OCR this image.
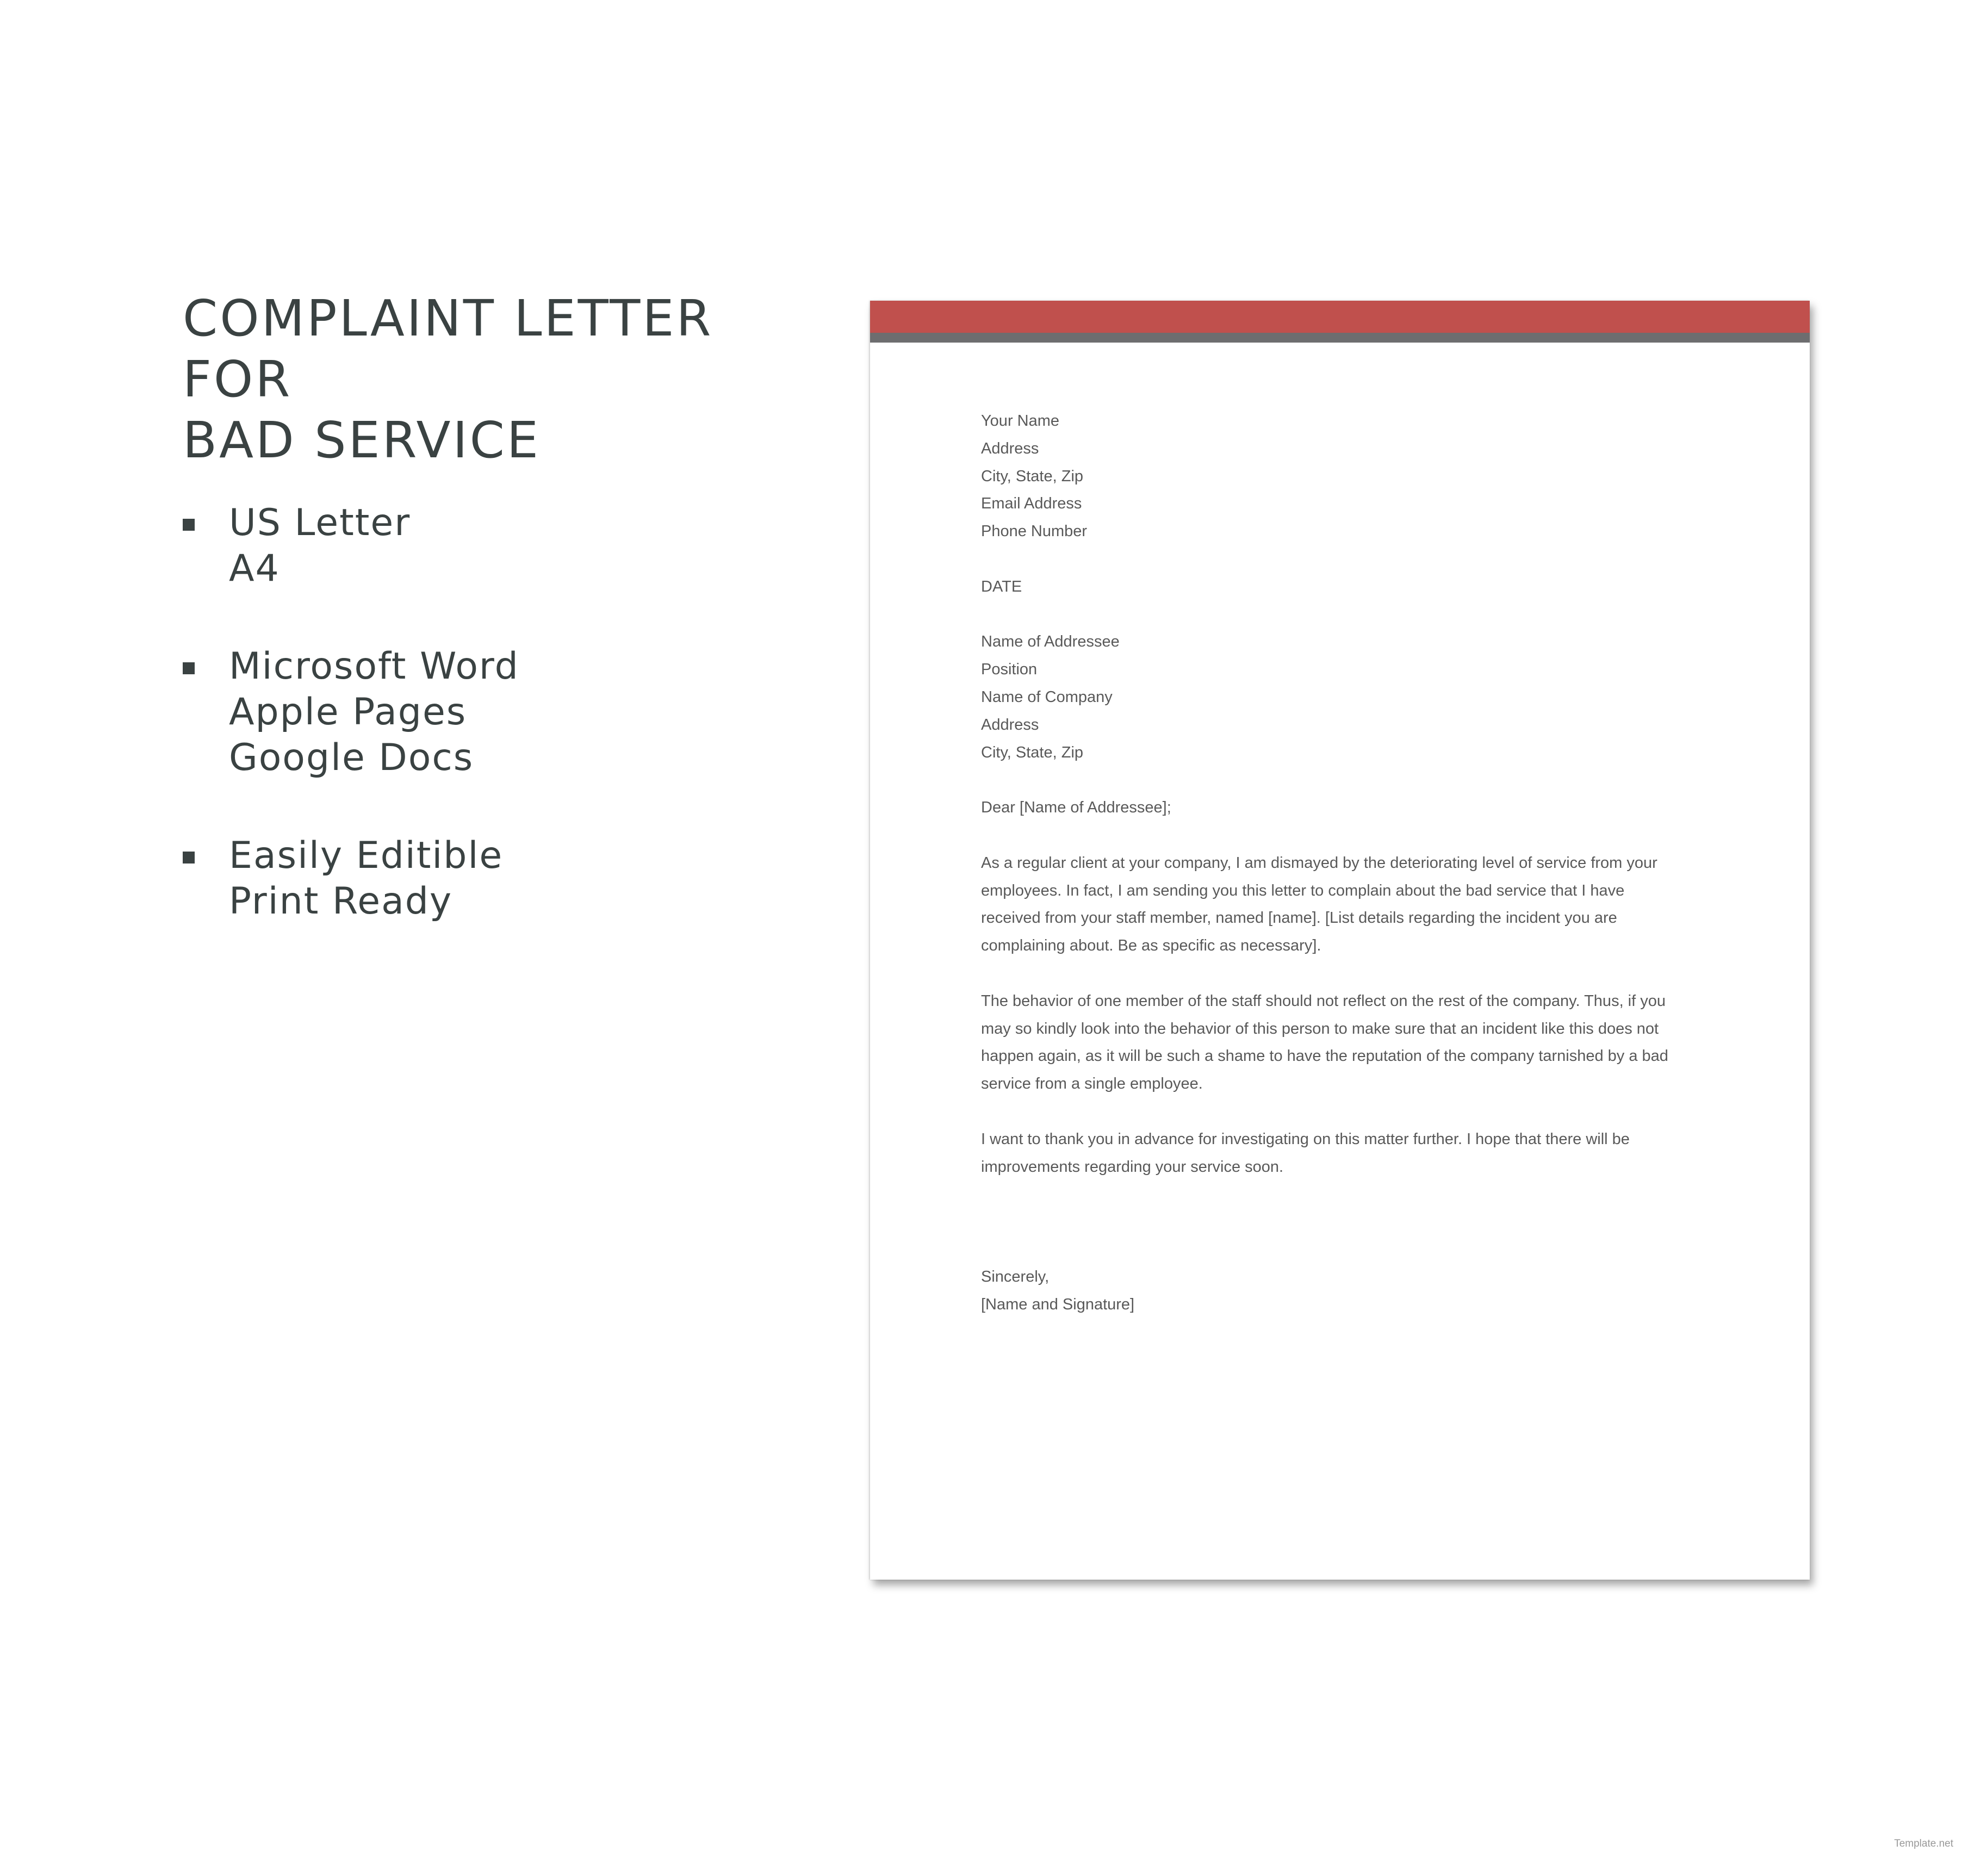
COMPLAINT LETTER FOR
BAD SERVICE
US Letter
A4
Microsoft Word
Apple Pages
Google Docs
Easily Editible
Print Ready
Your Name
Address
City, State, Zip
Email Address
Phone Number
DATE
Name of Addressee
Position
Name of Company
Address
City, State, Zip
Dear [Name of Addressee];
As a regular client at your company, I am dismayed by the deteriorating level of service from your
employees. In fact, I am sending you this letter to complain about the bad service that I have
received from your staff member, named [name]. [List details regarding the incident you are
complaining about. Be as specific as necessary].
The behavior of one member of the staff should not reflect on the rest of the company. Thus, if you
may so kindly look into the behavior of this person to make sure that an incident like this does not
happen again, as it will be such a shame to have the reputation of the company tarnished by a bad
service from a single employee.
I want to thank you in advance for investigating on this matter further. I hope that there will be
improvements regarding your service soon.
Sincerely,
[Name and Signature]
Template.net
